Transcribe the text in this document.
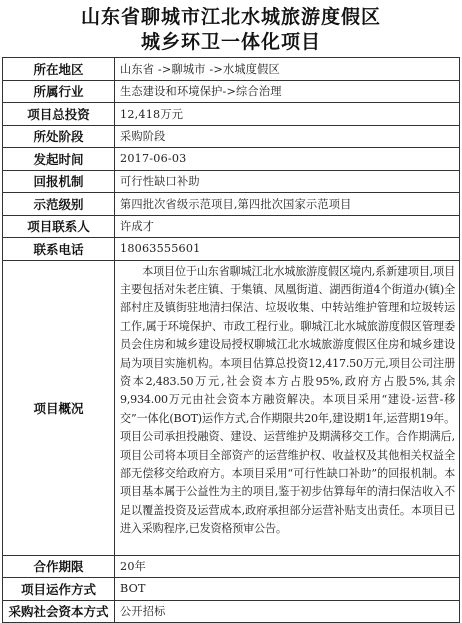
山东省聊城市江北水城旅游度假区
城乡环卫一体化项目
所在地区	山东省 ->聊城市 ->水城度假区
所属行业	生态建设和环境保护->综合治理
项目总投资	12,418万元
所处阶段	采购阶段
发起时间	2017-06-03
回报机制	可行性缺口补助
示范级别	第四批次省级示范项目,第四批次国家示范项目
项目联系人	许成才
联系电话	18063555601
项目概况	本项目位于山东省聊城江北水城旅游度假区境内,系新建项目,项目主要包括对朱老庄镇、于集镇、凤凰街道、湖西街道4个街道办(镇)全部村庄及镇街驻地清扫保洁、垃圾收集、中转站维护管理和垃圾转运工作,属于环境保护、市政工程行业。聊城江北水城旅游度假区管理委员会住房和城乡建设局授权聊城江北水城旅游度假区住房和城乡建设局为项目实施机构。本项目估算总投资12,417.50万元,项目公司注册资本2,483.50万元,社会资本方占股95%,政府方占股5%,其余9,934.00万元由社会资本方融资解决。本项目采用“建设-运营-移交”一体化(BOT)运作方式,合作期限共20年,建设期1年,运营期19年。项目公司承担投融资、建设、运营维护及期满移交工作。合作期满后,项目公司将本项目全部资产的运营维护权、收益权及其他相关权益全部无偿移交给政府方。本项目采用“可行性缺口补助”的回报机制。本项目基本属于公益性为主的项目,鉴于初步估算每年的清扫保洁收入不足以覆盖投资及运营成本,政府承担部分运营补贴支出责任。本项目已进入采购程序,已发资格预审公告。
合作期限	20年
项目运作方式	BOT
采购社会资本方式	公开招标
